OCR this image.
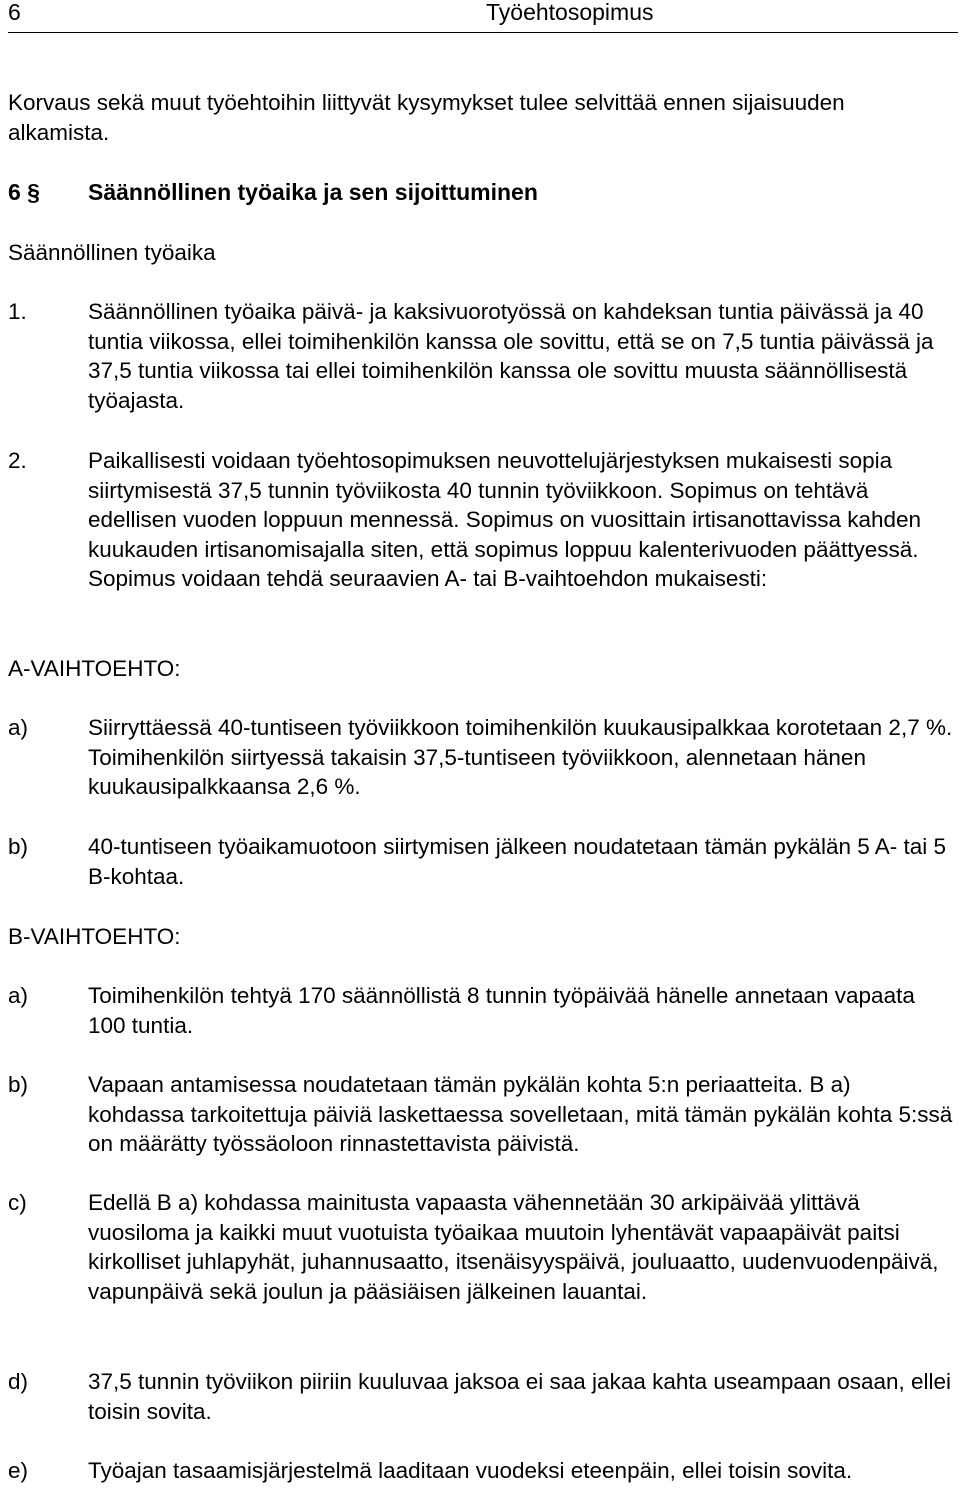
6	Työehtosopimus
Korvaus sekä muut työehtoihin liittyvät kysymykset tulee selvittää ennen sijaisuuden alkamista.
6 § Säännöllinen työaika ja sen sijoittuminen
Säännöllinen työaika
1.	Säännöllinen työaika päivä- ja kaksivuorotyössä on kahdeksan tuntia päivässä ja 40 tuntia viikossa, ellei toimihenkilön kanssa ole sovittu, että se on 7,5 tuntia päivässä ja 37,5 tuntia viikossa tai ellei toimihenkilön kanssa ole sovittu muusta säännöllisestä työajasta.
2.	Paikallisesti voidaan työehtosopimuksen neuvottelujärjestyksen mukaisesti sopia siirtymisestä 37,5 tunnin työviikosta 40 tunnin työviikkoon. Sopimus on tehtävä edellisen vuoden loppuun mennessä. Sopimus on vuosittain irtisanottavissa kahden kuukauden irtisanomisajalla siten, että sopimus loppuu kalenterivuoden päättyessä. Sopimus voidaan tehdä seuraavien A- tai B-vaihtoehdon mukaisesti:
A-VAIHTOEHTO:
a)	Siirryttäessä 40-tuntiseen työviikkoon toimihenkilön kuukausipalkkaa korotetaan 2,7 %. Toimihenkilön siirtyessä takaisin 37,5-tuntiseen työviikkoon, alennetaan hänen kuukausipalkkaansa 2,6 %.
b)	40-tuntiseen työaikamuotoon siirtymisen jälkeen noudatetaan tämän pykälän 5 A- tai 5 B-kohtaa.
B-VAIHTOEHTO:
a)	Toimihenkilön tehtyä 170 säännöllistä 8 tunnin työpäivää hänelle annetaan vapaata 100 tuntia.
b)	Vapaan antamisessa noudatetaan tämän pykälän kohta 5:n periaatteita. B a) kohdassa tarkoitettuja päiviä laskettaessa sovelletaan, mitä tämän pykälän kohta 5:ssä on määrätty työssäoloon rinnastettavista päivistä.
c)	Edellä B a) kohdassa mainitusta vapaasta vähennetään 30 arkipäivää ylittävä vuosiloma ja kaikki muut vuotuista työaikaa muutoin lyhentävät vapaapäivät paitsi kirkolliset juhlapyhät, juhannusaatto, itsenäisyyspäivä, jouluaatto, uudenvuodenpäivä, vapunpäivä sekä joulun ja pääsiäisen jälkeinen lauantai.
d)	37,5 tunnin työviikon piiriin kuuluvaa jaksoa ei saa jakaa kahta useampaan osaan, ellei toisin sovita.
e)	Työajan tasaamisjärjestelmä laaditaan vuodeksi eteenpäin, ellei toisin sovita.
